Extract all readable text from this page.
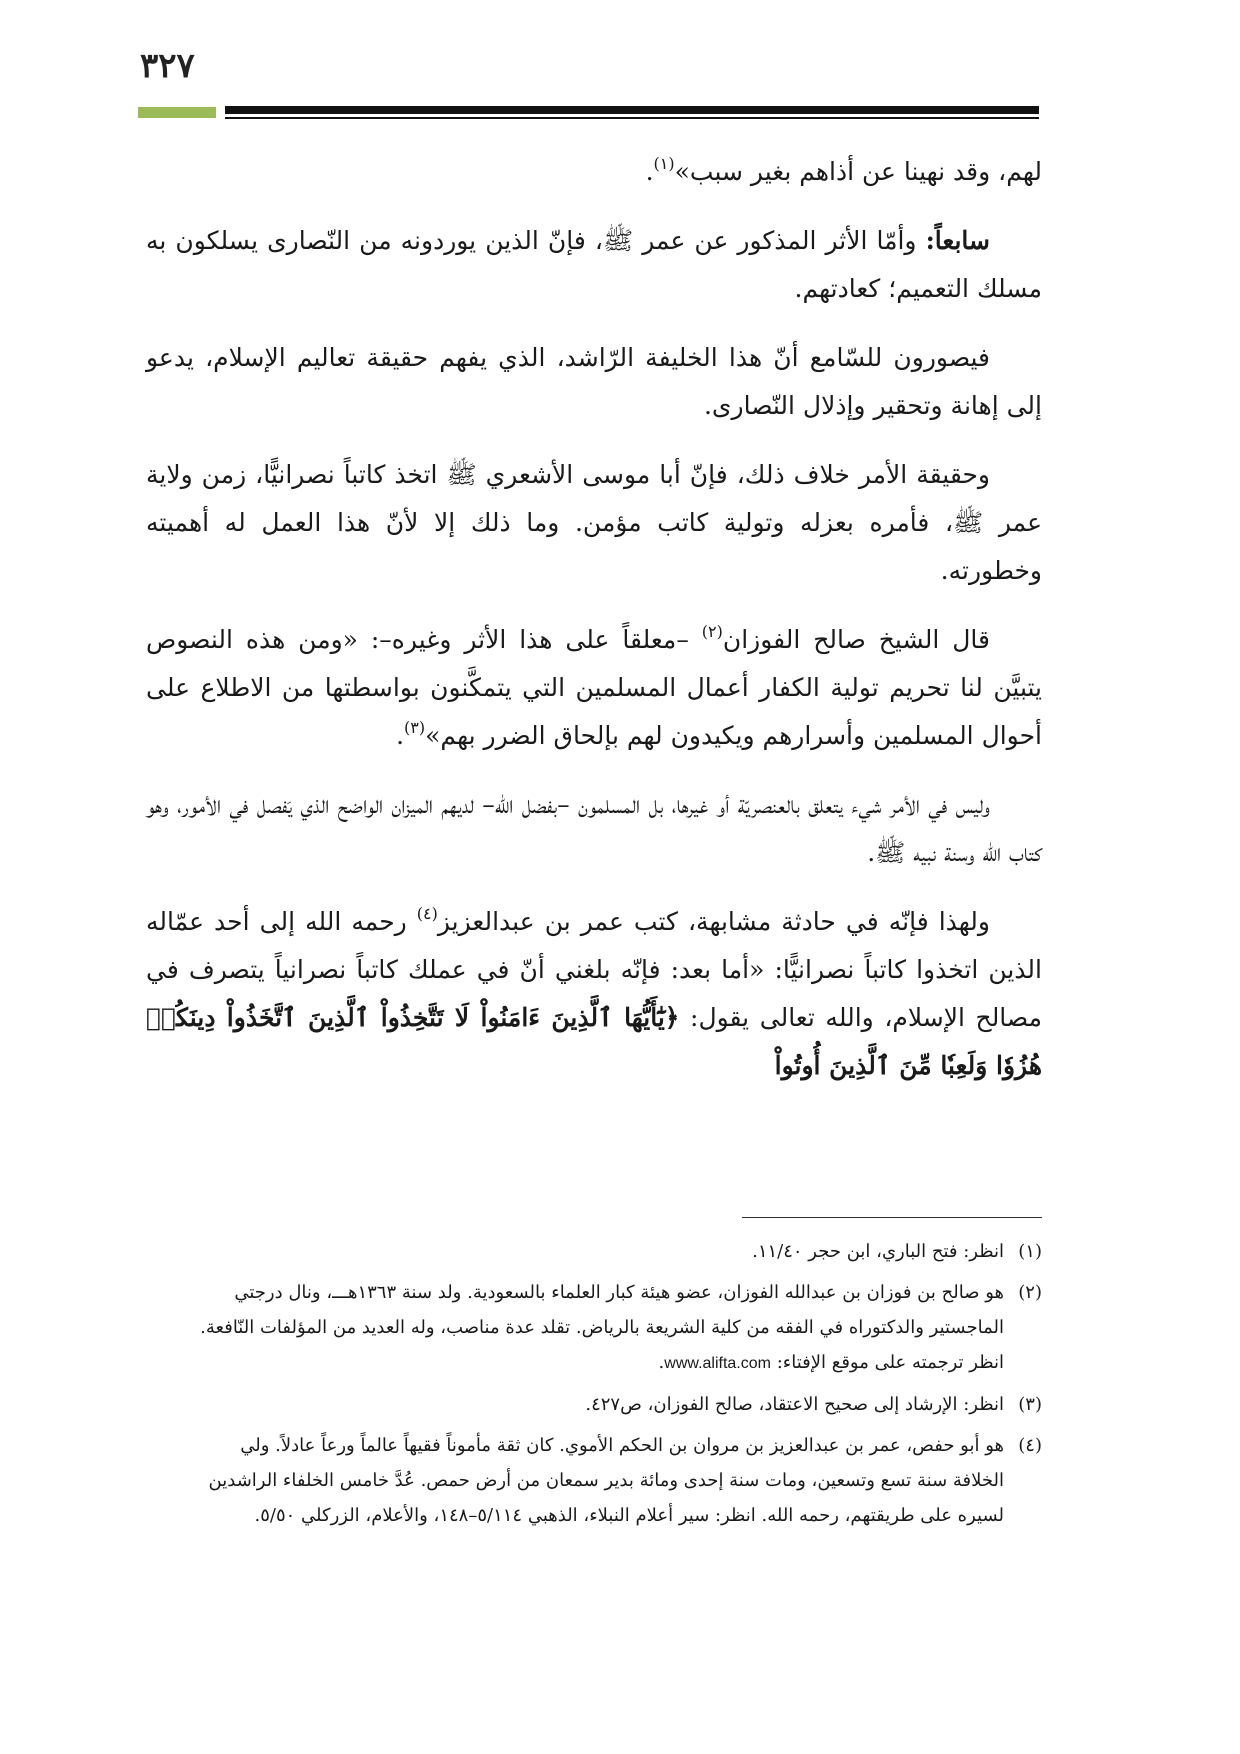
٣٢٧

لهم، وقد نهينا عن أذاهم بغير سبب»$^{(١)}$.

سابعاً: وأمّا الأثر المذكور عن عمر ﷺ، فإنّ الذين يوردونه من النّصارى يسلكون به مسلك التعميم؛ كعادتهم.

فيصورون للسّامع أنّ هذا الخليفة الرّاشد، الذي يفهم حقيقة تعاليم الإسلام، يدعو إلى إهانة وتحقير وإذلال النّصارى.

وحقيقة الأمر خلاف ذلك، فإنّ أبا موسى الأشعري ﷺ اتخذ كاتباً نصرانيًّا، زمن ولاية عمر ﷺ، فأمره بعزله وتولية كاتب مؤمن. وما ذلك إلا لأنّ هذا العمل له أهميته وخطورته.

قال الشيخ صالح الفوزان$^{(٢)}$ –معلقاً على هذا الأثر وغيره–: «ومن هذه النصوص يتبيَّن لنا تحريم تولية الكفار أعمال المسلمين التي يتمكَّنون بواسطتها من الاطلاع على أحوال المسلمين وأسرارهم ويكيدون لهم بإلحاق الضرر بهم»$^{(٣)}$.

وليس في الأمر شيء يتعلق بالعنصريّة أو غيرها، بل المسلمون –بفضل الله– لديهم الميزان الواضح الذي يَفصل في الأمور، وهو كتاب الله وسنة نبيه ﷺ.

ولهذا فإنّه في حادثة مشابهة، كتب عمر بن عبدالعزيز$^{(٤)}$ رحمه الله إلى أحد عمّاله الذين اتخذوا كاتباً نصرانيًّا: «أما بعد: فإنّه بلغني أنّ في عملك كاتباً نصرانياً يتصرف في مصالح الإسلام، والله تعالى يقول: ﴿يَٰٓأَيُّهَا ٱلَّذِينَ ءَامَنُواْ لَا تَتَّخِذُواْ ٱلَّذِينَ ٱتَّخَذُواْ دِينَكُمۡ هُزُوٗا وَلَعِبٗا مِّنَ ٱلَّذِينَ أُوتُواْ

(١)انظر: فتح الباري، ابن حجر ١١/٤٠.
(٢)هو صالح بن فوزان بن عبدالله الفوزان، عضو هيئة كبار العلماء بالسعودية. ولد سنة ١٣٦٣هـــ، ونال درجتي
الماجستير والدكتوراه في الفقه من كلية الشريعة بالرياض. تقلد عدة مناصب، وله العديد من المؤلفات النّافعة.
انظر ترجمته على موقع الإفتاء: www.alifta.com.
(٣)انظر: الإرشاد إلى صحيح الاعتقاد، صالح الفوزان، ص٤٢٧.
(٤)هو أبو حفص، عمر بن عبدالعزيز بن مروان بن الحكم الأموي. كان ثقة مأموناً فقيهاً عالماً ورعاً عادلاً. ولي
الخلافة سنة تسع وتسعين، ومات سنة إحدى ومائة بدير سمعان من أرض حمص. عُدَّ خامس الخلفاء الراشدين
لسيره على طريقتهم، رحمه الله. انظر: سير أعلام النبلاء، الذهبي ٥/١١٤–١٤٨، والأعلام، الزركلي ٥/٥٠.
